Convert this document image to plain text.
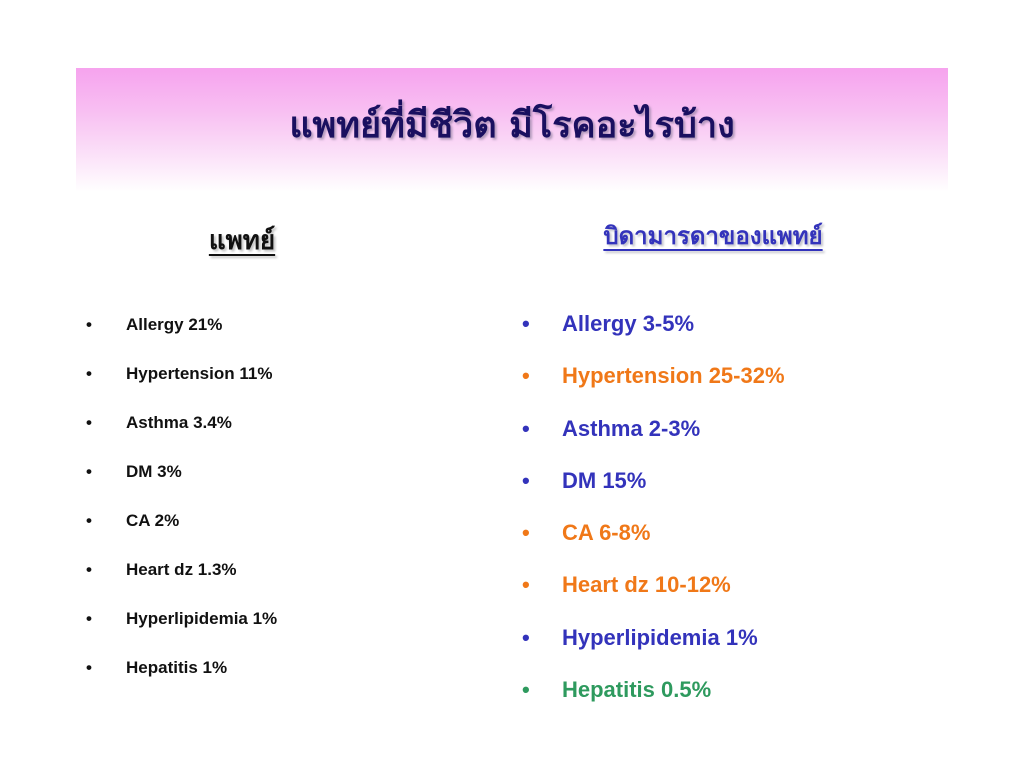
แพทย์ที่มีชีวิต มีโรคอะไรบ้าง
แพทย์	บิดามารดาของแพทย์
• Allergy 21%
• Hypertension 11%
• Asthma 3.4%
• DM 3%
• CA 2%
• Heart dz 1.3%
• Hyperlipidemia 1%
• Hepatitis 1%
• Allergy 3-5%
• Hypertension 25-32%
• Asthma 2-3%
• DM 15%
• CA 6-8%
• Heart dz 10-12%
• Hyperlipidemia 1%
• Hepatitis 0.5%
